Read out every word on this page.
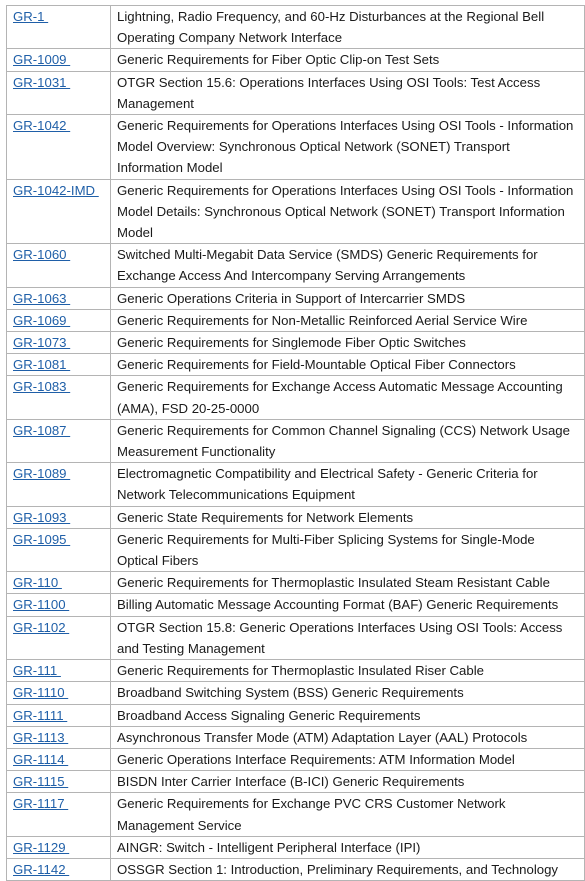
GR-1	Lightning, Radio Frequency, and 60-Hz Disturbances at the Regional Bell Operating Company Network Interface
GR-1009	Generic Requirements for Fiber Optic Clip-on Test Sets
GR-1031	OTGR Section 15.6: Operations Interfaces Using OSI Tools: Test Access Management
GR-1042	Generic Requirements for Operations Interfaces Using OSI Tools - Information Model Overview: Synchronous Optical Network (SONET) Transport Information Model
GR-1042-IMD	Generic Requirements for Operations Interfaces Using OSI Tools - Information Model Details: Synchronous Optical Network (SONET) Transport Information Model
GR-1060	Switched Multi-Megabit Data Service (SMDS) Generic Requirements for Exchange Access And Intercompany Serving Arrangements
GR-1063	Generic Operations Criteria in Support of Intercarrier SMDS
GR-1069	Generic Requirements for Non-Metallic Reinforced Aerial Service Wire
GR-1073	Generic Requirements for Singlemode Fiber Optic Switches
GR-1081	Generic Requirements for Field-Mountable Optical Fiber Connectors
GR-1083	Generic Requirements for Exchange Access Automatic Message Accounting (AMA), FSD 20-25-0000
GR-1087	Generic Requirements for Common Channel Signaling (CCS) Network Usage Measurement Functionality
GR-1089	Electromagnetic Compatibility and Electrical Safety - Generic Criteria for Network Telecommunications Equipment
GR-1093	Generic State Requirements for Network Elements
GR-1095	Generic Requirements for Multi-Fiber Splicing Systems for Single-Mode Optical Fibers
GR-110	Generic Requirements for Thermoplastic Insulated Steam Resistant Cable
GR-1100	Billing Automatic Message Accounting Format (BAF) Generic Requirements
GR-1102	OTGR Section 15.8: Generic Operations Interfaces Using OSI Tools: Access and Testing Management
GR-111	Generic Requirements for Thermoplastic Insulated Riser Cable
GR-1110	Broadband Switching System (BSS) Generic Requirements
GR-1111	Broadband Access Signaling Generic Requirements
GR-1113	Asynchronous Transfer Mode (ATM) Adaptation Layer (AAL) Protocols
GR-1114	Generic Operations Interface Requirements: ATM Information Model
GR-1115	BISDN Inter Carrier Interface (B-ICI) Generic Requirements
GR-1117	Generic Requirements for Exchange PVC CRS Customer Network Management Service
GR-1129	AINGR: Switch - Intelligent Peripheral Interface (IPI)
GR-1142	OSSGR Section 1: Introduction, Preliminary Requirements, and Technology
